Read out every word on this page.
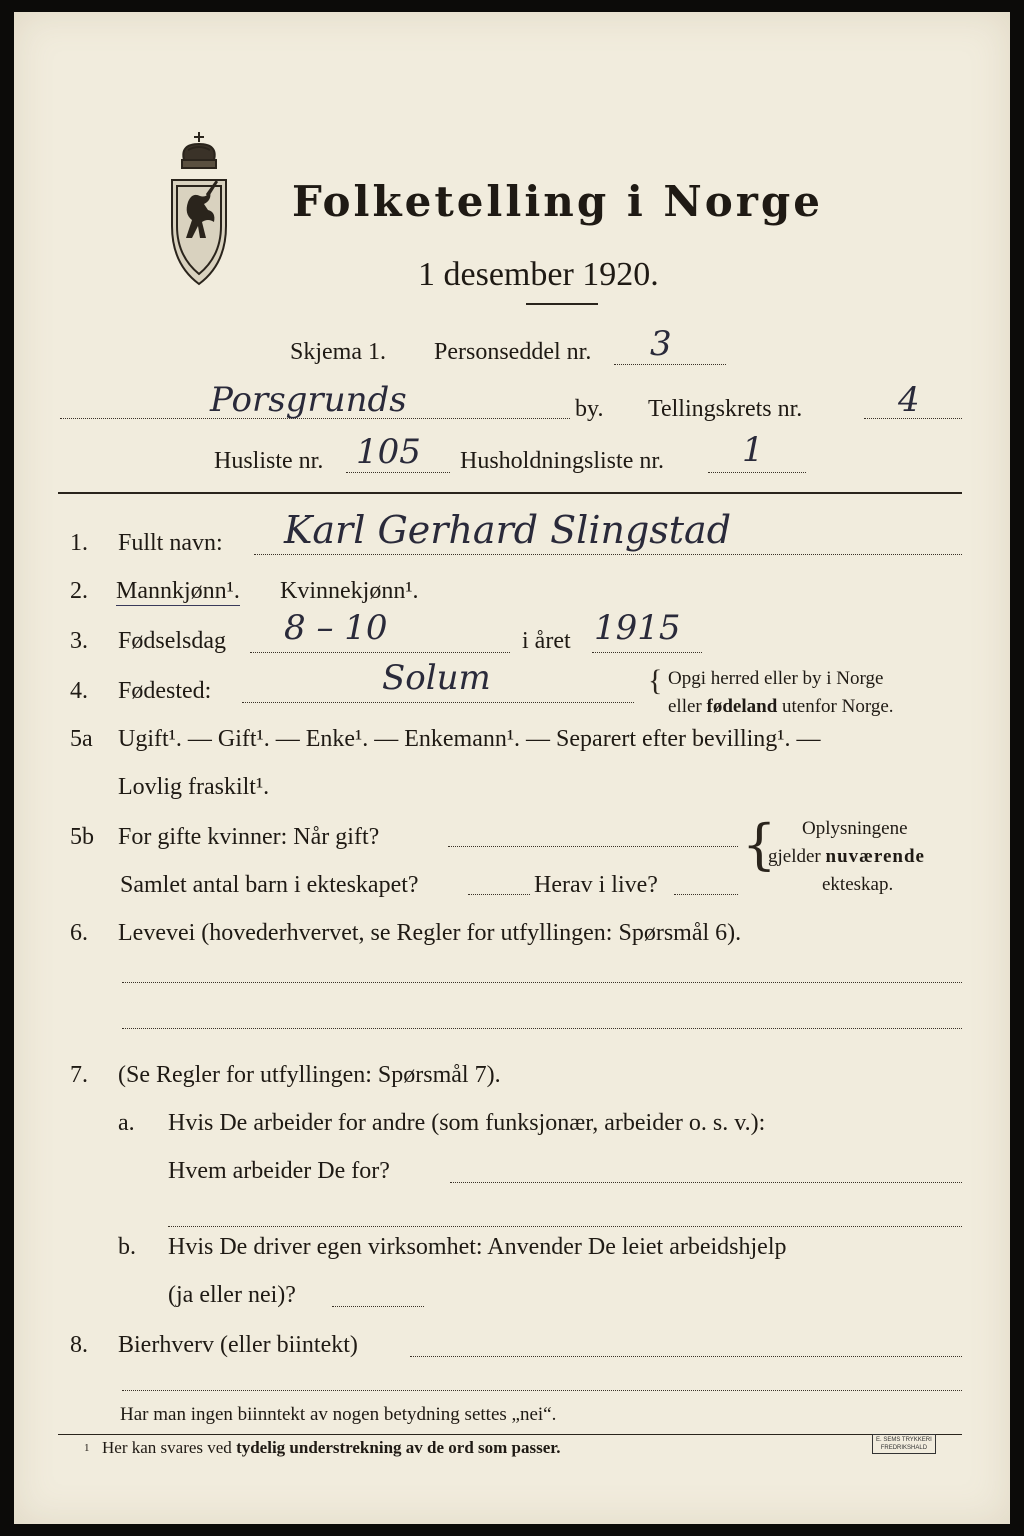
Folketelling i Norge
1 desember 1920.
Skjema 1. Personseddel nr. 3
Porsgrunds	by. Tellingskrets nr.	4
Husliste nr. 105 Husholdningsliste nr. 1
1. Fullt navn: Karl Gerhard Slingstad
2. Mannkjønn¹. Kvinnekjønn¹.
3. Fødselsdag 8 – 10	i året 1915
4. Fødested:	Solum	{ Opgi herred eller by i Norge
eller fødeland utenfor Norge.
5a Ugift¹. — Gift¹. — Enke¹. — Enkemann¹. — Separert efter bevilling¹. —
Lovlig fraskilt¹.
5b For gifte kvinner: Når gift?
Samlet antal barn i ekteskapet?	Herav i live?
{ Oplysningene
gjelder nuværende
ekteskap.
6. Levevei (hovederhvervet, se Regler for utfyllingen: Spørsmål 6).
7. (Se Regler for utfyllingen: Spørsmål 7).
a. Hvis De arbeider for andre (som funksjonær, arbeider o. s. v.):
Hvem arbeider De for?
b. Hvis De driver egen virksomhet: Anvender De leiet arbeidshjelp
(ja eller nei)?
8. Bierhverv (eller biintekt)
Har man ingen biinntekt av nogen betydning settes „nei“.
1 Her kan svares ved tydelig understrekning av de ord som passer.	E. SEMS TRYKKERI
FREDRIKSHALD
